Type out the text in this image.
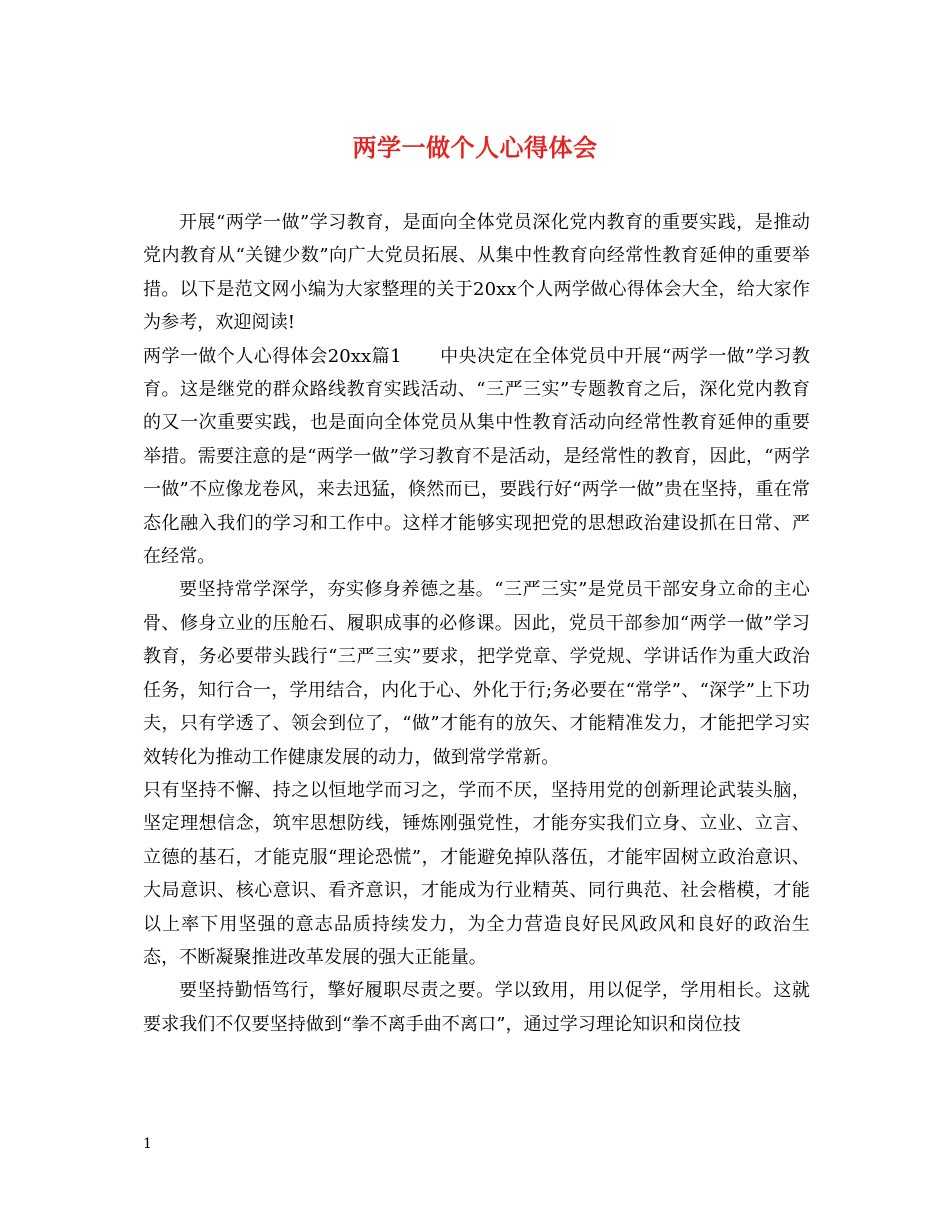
两学一做个人心得体会

开展“两学一做”学习教育，是面向全体党员深化党内教育的重要实践，是推动党内教育从“关键少数”向广大党员拓展、从集中性教育向经常性教育延伸的重要举措。以下是范文网小编为大家整理的关于20xx个人两学做心得体会大全，给大家作为参考，欢迎阅读!

两学一做个人心得体会20xx篇1 中央决定在全体党员中开展“两学一做”学习教育。这是继党的群众路线教育实践活动、“三严三实”专题教育之后，深化党内教育的又一次重要实践，也是面向全体党员从集中性教育活动向经常性教育延伸的重要举措。需要注意的是“两学一做”学习教育不是活动，是经常性的教育，因此，“两学一做”不应像龙卷风，来去迅猛，倏然而已，要践行好“两学一做”贵在坚持，重在常态化融入我们的学习和工作中。这样才能够实现把党的思想政治建设抓在日常、严在经常。

要坚持常学深学，夯实修身养德之基。“三严三实”是党员干部安身立命的主心骨、修身立业的压舱石、履职成事的必修课。因此，党员干部参加“两学一做”学习教育，务必要带头践行“三严三实”要求，把学党章、学党规、学讲话作为重大政治任务，知行合一，学用结合，内化于心、外化于行;务必要在“常学”、“深学”上下功夫，只有学透了、领会到位了，“做”才能有的放矢、才能精准发力，才能把学习实效转化为推动工作健康发展的动力，做到常学常新。

只有坚持不懈、持之以恒地学而习之，学而不厌，坚持用党的创新理论武装头脑，坚定理想信念，筑牢思想防线，锤炼刚强党性，才能夯实我们立身、立业、立言、立德的基石，才能克服“理论恐慌”，才能避免掉队落伍，才能牢固树立政治意识、大局意识、核心意识、看齐意识，才能成为行业精英、同行典范、社会楷模，才能以上率下用坚强的意志品质持续发力，为全力营造良好民风政风和良好的政治生态，不断凝聚推进改革发展的强大正能量。

要坚持勤悟笃行，擎好履职尽责之要。学以致用，用以促学，学用相长。这就要求我们不仅要坚持做到“拳不离手曲不离口”，通过学习理论知识和岗位技

1
